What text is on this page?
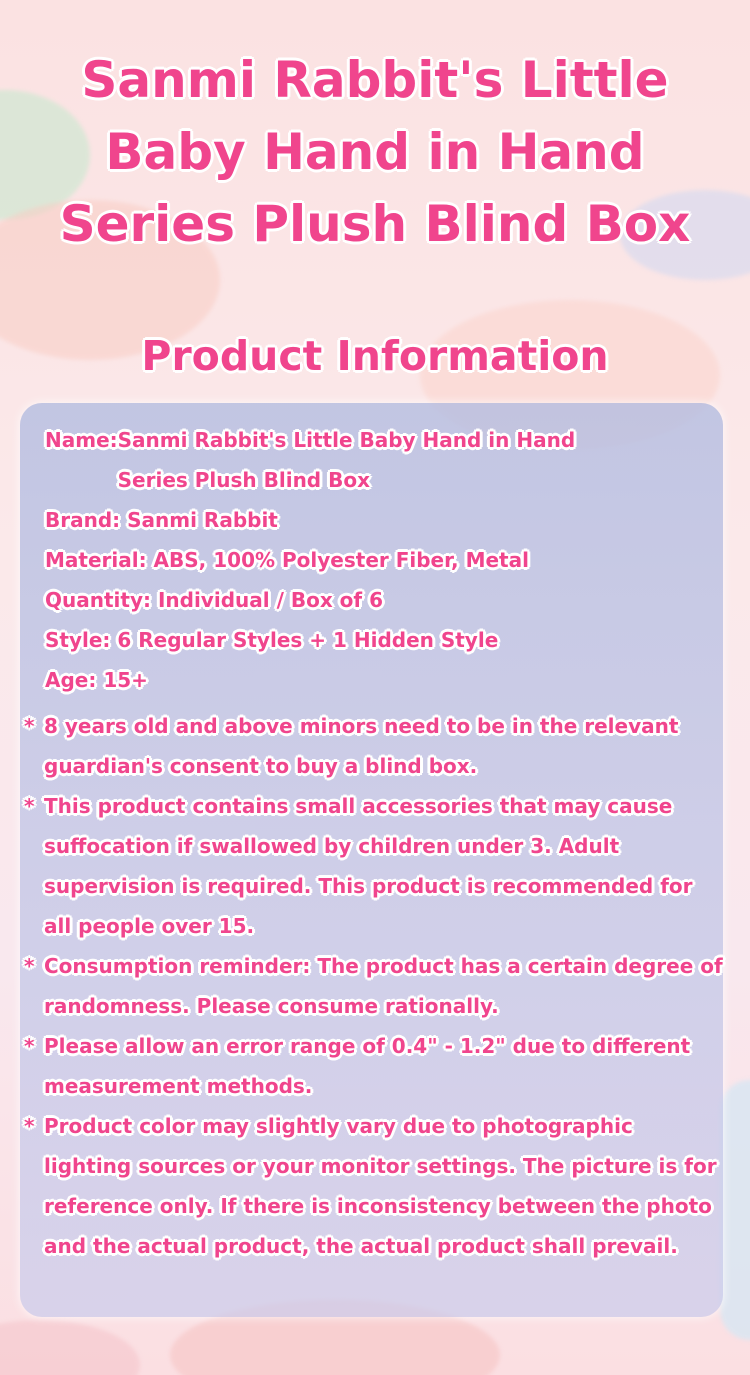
Sanmi Rabbit's Little
Baby Hand in Hand
Series Plush Blind Box
Product Information
Name: Sanmi Rabbit's Little Baby Hand in Hand
Series Plush Blind Box
Brand: Sanmi Rabbit
Material: ABS, 100% Polyester Fiber, Metal
Quantity: Individual / Box of 6
Style: 6 Regular Styles + 1 Hidden Style
Age: 15+
* 8 years old and above minors need to be in the relevant guardian's consent to buy a blind box.
* This product contains small accessories that may cause suffocation if swallowed by children under 3. Adult supervision is required. This product is recommended for all people over 15.
* Consumption reminder: The product has a certain degree of randomness. Please consume rationally.
* Please allow an error range of 0.4" - 1.2" due to different measurement methods.
* Product color may slightly vary due to photographic lighting sources or your monitor settings. The picture is for reference only. If there is inconsistency between the photo and the actual product, the actual product shall prevail.
